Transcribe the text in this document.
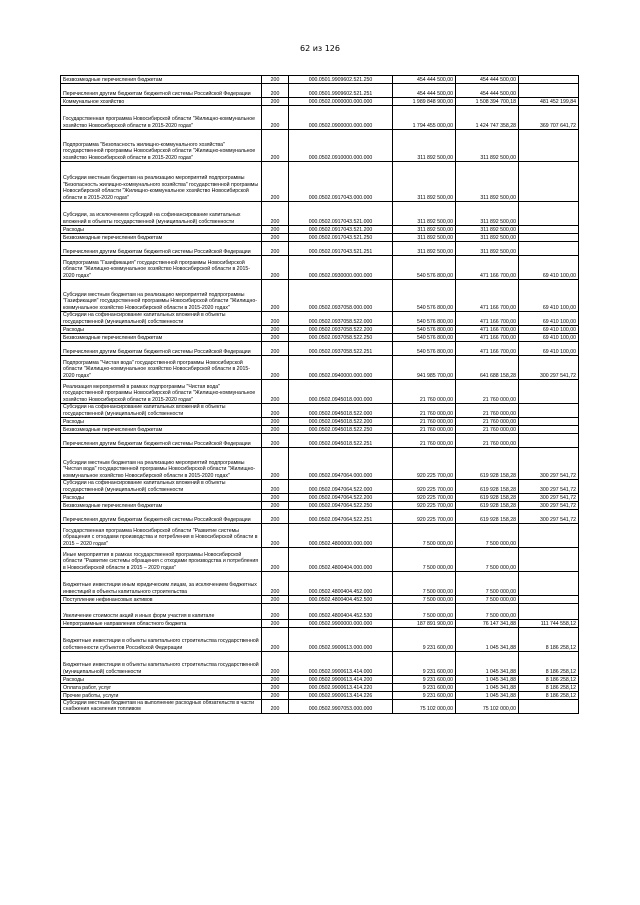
62 из 126
Безвозмездные перечисления бюджетам	200	000.0501.9909602.521.250	454 444 500,00	454 444 500,00	
Перечисления другим бюджетам бюджетной системы Российской Федерации	200	000.0501.9909602.521.251	454 444 500,00	454 444 500,00	
Коммунальное хозяйство	200	000.0502.0000000.000.000	1 989 848 900,00	1 508 394 700,18	481 452 199,84
Государственная программа Новосибирской области "Жилищно-коммунальное хозяйство Новосибирской области в 2015-2020 годах"	200	000.0502.0900000.000.000	1 794 455 000,00	1 424 747 358,28	369 707 641,72
Подпрограмма "Безопасность жилищно-коммунального хозяйства" государственной программы Новосибирской области "Жилищно-коммунальное хозяйство Новосибирской области в 2015-2020 годах"	200	000.0502.0910000.000.000	311 892 500,00	311 892 500,00	
Субсидии местным бюджетам на реализацию мероприятий подпрограммы "Безопасность жилищно-коммунального хозяйства" государственной программы Новосибирской области "Жилищно-коммунальное хозяйство Новосибирской области в 2015-2020 годах"	200	000.0502.0917043.000.000	311 892 500,00	311 892 500,00	
Субсидии, за исключением субсидий на софинансирование капитальных вложений в объекты государственной (муниципальной) собственности	200	000.0502.0917043.521.000	311 892 500,00	311 892 500,00	
Расходы	200	000.0502.0917043.521.200	311 892 500,00	311 892 500,00	
Безвозмездные перечисления бюджетам	200	000.0502.0917043.521.250	311 892 500,00	311 892 500,00	
Перечисления другим бюджетам бюджетной системы Российской Федерации	200	000.0502.0917043.521.251	311 892 500,00	311 892 500,00	
Подпрограмма "Газификация" государственной программы Новосибирской области "Жилищно-коммунальное хозяйство Новосибирской области в 2015-2020 годах"	200	000.0502.0930000.000.000	540 576 800,00	471 166 700,00	69 410 100,00
Субсидии местным бюджетам на реализацию мероприятий подпрограммы "Газификация" государственной программы Новосибирской области "Жилищно-коммунальное хозяйство Новосибирской области в 2015-2020 годах"	200	000.0502.0937058.000.000	540 576 800,00	471 166 700,00	69 410 100,00
Субсидии на софинансирование капитальных вложений в объекты государственной (муниципальной) собственности	200	000.0502.0937058.522.000	540 576 800,00	471 166 700,00	69 410 100,00
Расходы	200	000.0502.0937058.522.200	540 576 800,00	471 166 700,00	69 410 100,00
Безвозмездные перечисления бюджетам	200	000.0502.0937058.522.250	540 576 800,00	471 166 700,00	69 410 100,00
Перечисления другим бюджетам бюджетной системы Российской Федерации	200	000.0502.0937058.522.251	540 576 800,00	471 166 700,00	69 410 100,00
Подпрограмма "Чистая вода" государственной программы Новосибирской области "Жилищно-коммунальное хозяйство Новосибирской области в 2015-2020 годах"	200	000.0502.0940000.000.000	941 985 700,00	641 688 158,28	300 297 541,72
Реализация мероприятий в рамках подпрограммы "Чистая вода" государственной программы Новосибирской области "Жилищно-коммунальное хозяйство Новосибирской области в 2015-2020 годах"	200	000.0502.0945018.000.000	21 760 000,00	21 760 000,00	
Субсидии на софинансирование капитальных вложений в объекты государственной (муниципальной) собственности	200	000.0502.0945018.522.000	21 760 000,00	21 760 000,00	
Расходы	200	000.0502.0945018.522.200	21 760 000,00	21 760 000,00	
Безвозмездные перечисления бюджетам	200	000.0502.0945018.522.250	21 760 000,00	21 760 000,00	
Перечисления другим бюджетам бюджетной системы Российской Федерации	200	000.0502.0945018.522.251	21 760 000,00	21 760 000,00	
Субсидии местным бюджетам на реализацию мероприятий подпрограммы "Чистая вода" государственной программы Новосибирской области "Жилищно-коммунальное хозяйство Новосибирской области в 2015-2020 годах"	200	000.0502.0947064.000.000	920 225 700,00	619 928 158,28	300 297 541,72
Субсидии на софинансирование капитальных вложений в объекты государственной (муниципальной) собственности	200	000.0502.0947064.522.000	920 225 700,00	619 928 158,28	300 297 541,72
Расходы	200	000.0502.0947064.522.200	920 225 700,00	619 928 158,28	300 297 541,72
Безвозмездные перечисления бюджетам	200	000.0502.0947064.522.250	920 225 700,00	619 928 158,28	300 297 541,72
Перечисления другим бюджетам бюджетной системы Российской Федерации	200	000.0502.0947064.522.251	920 225 700,00	619 928 158,28	300 297 541,72
Государственная программа Новосибирской области "Развитие системы обращения с отходами производства и потребления в Новосибирской области в 2015 – 2020 годах"	200	000.0502.4800000.000.000	7 500 000,00	7 500 000,00	
Иные мероприятия в рамках государственной программы Новосибирской области "Развитие системы обращения с отходами производства и потребления в Новосибирской области в 2015 – 2020 годах"	200	000.0502.4800404.000.000	7 500 000,00	7 500 000,00	
Бюджетные инвестиции иным юридическим лицам, за исключением бюджетных инвестиций в объекты капитального строительства	200	000.0502.4800404.452.000	7 500 000,00	7 500 000,00	
Поступление нефинансовых активов	200	000.0502.4800404.452.500	7 500 000,00	7 500 000,00	
Увеличение стоимости акций и иных форм участия в капитале	200	000.0502.4800404.452.530	7 500 000,00	7 500 000,00	
Непрограммные направления областного бюджета	200	000.0502.9900000.000.000	187 891 900,00	76 147 341,88	111 744 558,12
Бюджетные инвестиции в объекты капитального строительства государственной собственности субъектов Российской Федерации	200	000.0502.9900613.000.000	9 231 600,00	1 045 341,88	8 186 258,12
Бюджетные инвестиции в объекты капитального строительства государственной (муниципальной) собственности	200	000.0502.9900613.414.000	9 231 600,00	1 045 341,88	8 186 258,12
Расходы	200	000.0502.9900613.414.200	9 231 600,00	1 045 341,88	8 186 258,12
Оплата работ, услуг	200	000.0502.9900613.414.220	9 231 600,00	1 045 341,88	8 186 258,12
Прочие работы, услуги	200	000.0502.9900613.414.226	9 231 600,00	1 045 341,88	8 186 258,12
Субсидии местным бюджетам на выполнение расходных обязательств в части снабжения населения топливом	200	000.0502.9907053.000.000	75 102 000,00	75 102 000,00	
